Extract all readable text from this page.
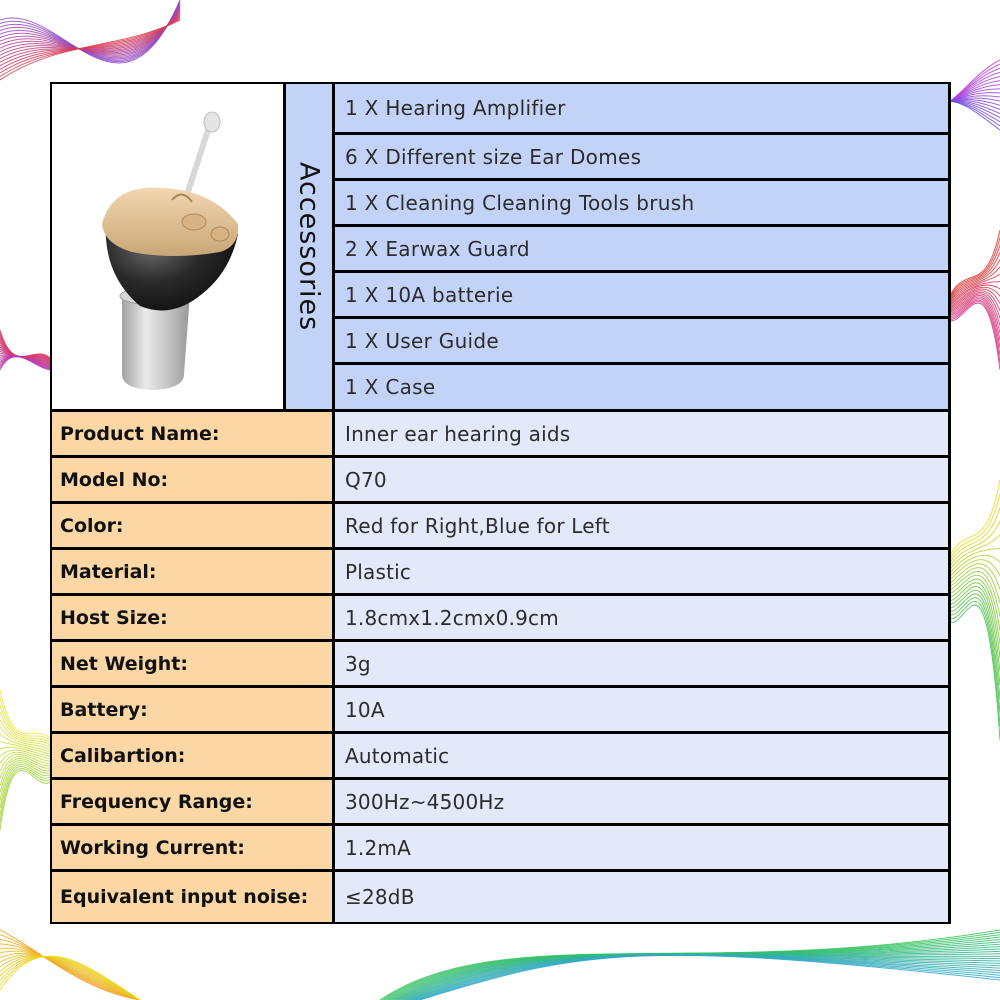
Accessories
1 X Hearing Amplifier
6 X Different size Ear Domes
1 X Cleaning Cleaning Tools brush
2 X Earwax Guard
1 X 10A batterie
1 X User Guide
1 X Case
Product Name:	Inner ear hearing aids
Model No:	Q70
Color:	Red for Right,Blue for Left
Material:	Plastic
Host Size:	1.8cmx1.2cmx0.9cm
Net Weight:	3g
Battery:	10A
Calibartion:	Automatic
Frequency Range:	300Hz~4500Hz
Working Current:	1.2mA
Equivalent input noise: ≤28dB
